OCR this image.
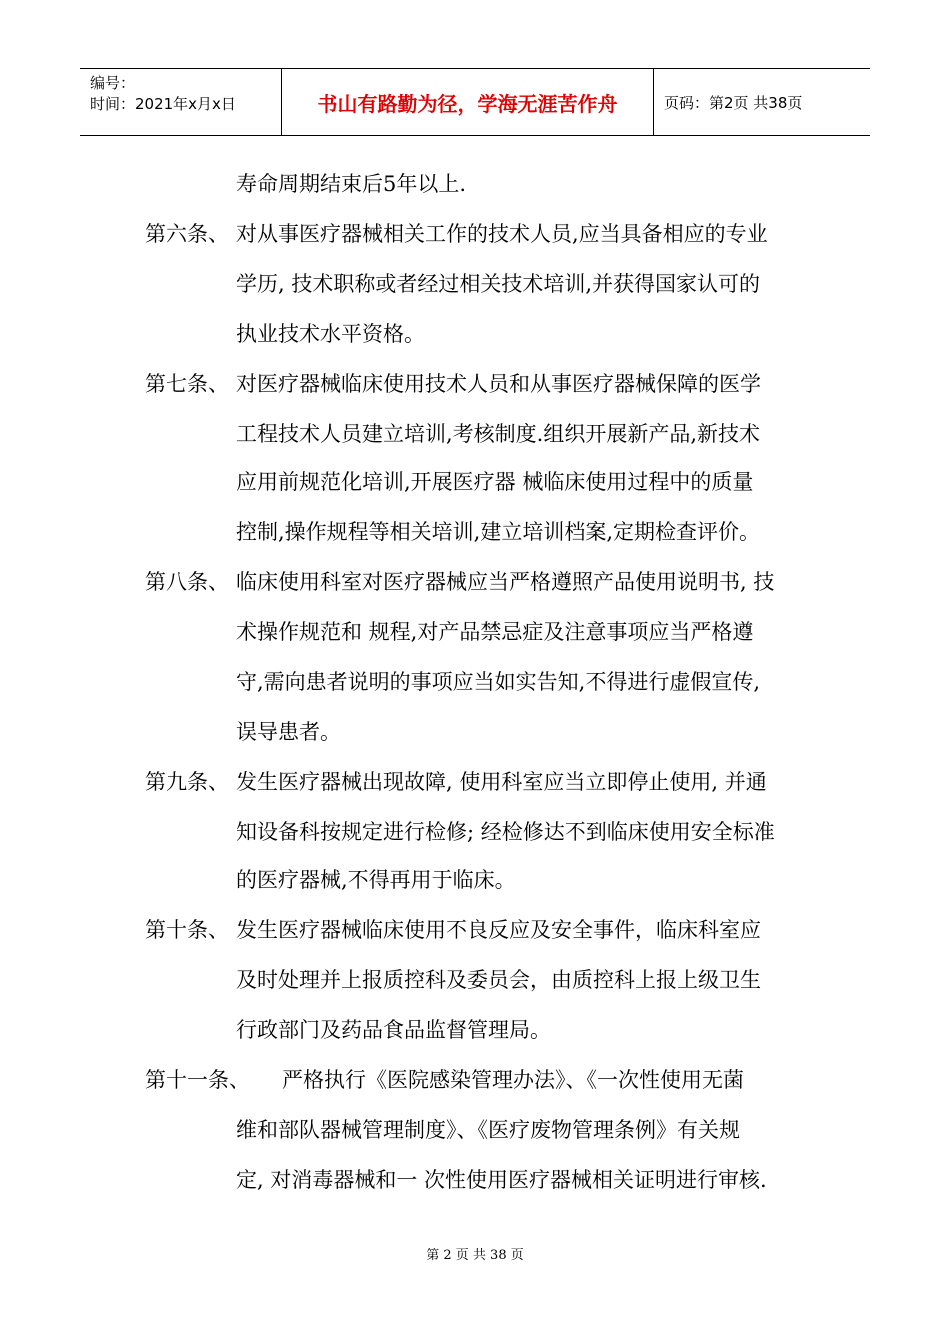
编号：
时间：2021年x月x日	书山有路勤为径，学海无涯苦作舟	页码：第2页 共38页
寿命周期结束后5年以上.
第六条、 对从事医疗器械相关工作的技术人员,应当具备相应的专业
学历, 技术职称或者经过相关技术培训,并获得国家认可的
执业技术水平资格。
第七条、 对医疗器械临床使用技术人员和从事医疗器械保障的医学
工程技术人员建立培训,考核制度.组织开展新产品,新技术
应用前规范化培训,开展医疗器 械临床使用过程中的质量
控制,操作规程等相关培训,建立培训档案,定期检查评价。
第八条、 临床使用科室对医疗器械应当严格遵照产品使用说明书, 技
术操作规范和 规程,对产品禁忌症及注意事项应当严格遵
守,需向患者说明的事项应当如实告知,不得进行虚假宣传,
误导患者。
第九条、 发生医疗器械出现故障, 使用科室应当立即停止使用, 并通
知设备科按规定进行检修; 经检修达不到临床使用安全标准
的医疗器械,不得再用于临床。
第十条、 发生医疗器械临床使用不良反应及安全事件，临床科室应
及时处理并上报质控科及委员会，由质控科上报上级卫生
行政部门及药品食品监督管理局。
第十一条、 严格执行《医院感染管理办法》、《一次性使用无菌
维和部队器械管理制度》、《医疗废物管理条例》有关规
定, 对消毒器械和一 次性使用医疗器械相关证明进行审核.
第 2 页 共 38 页
